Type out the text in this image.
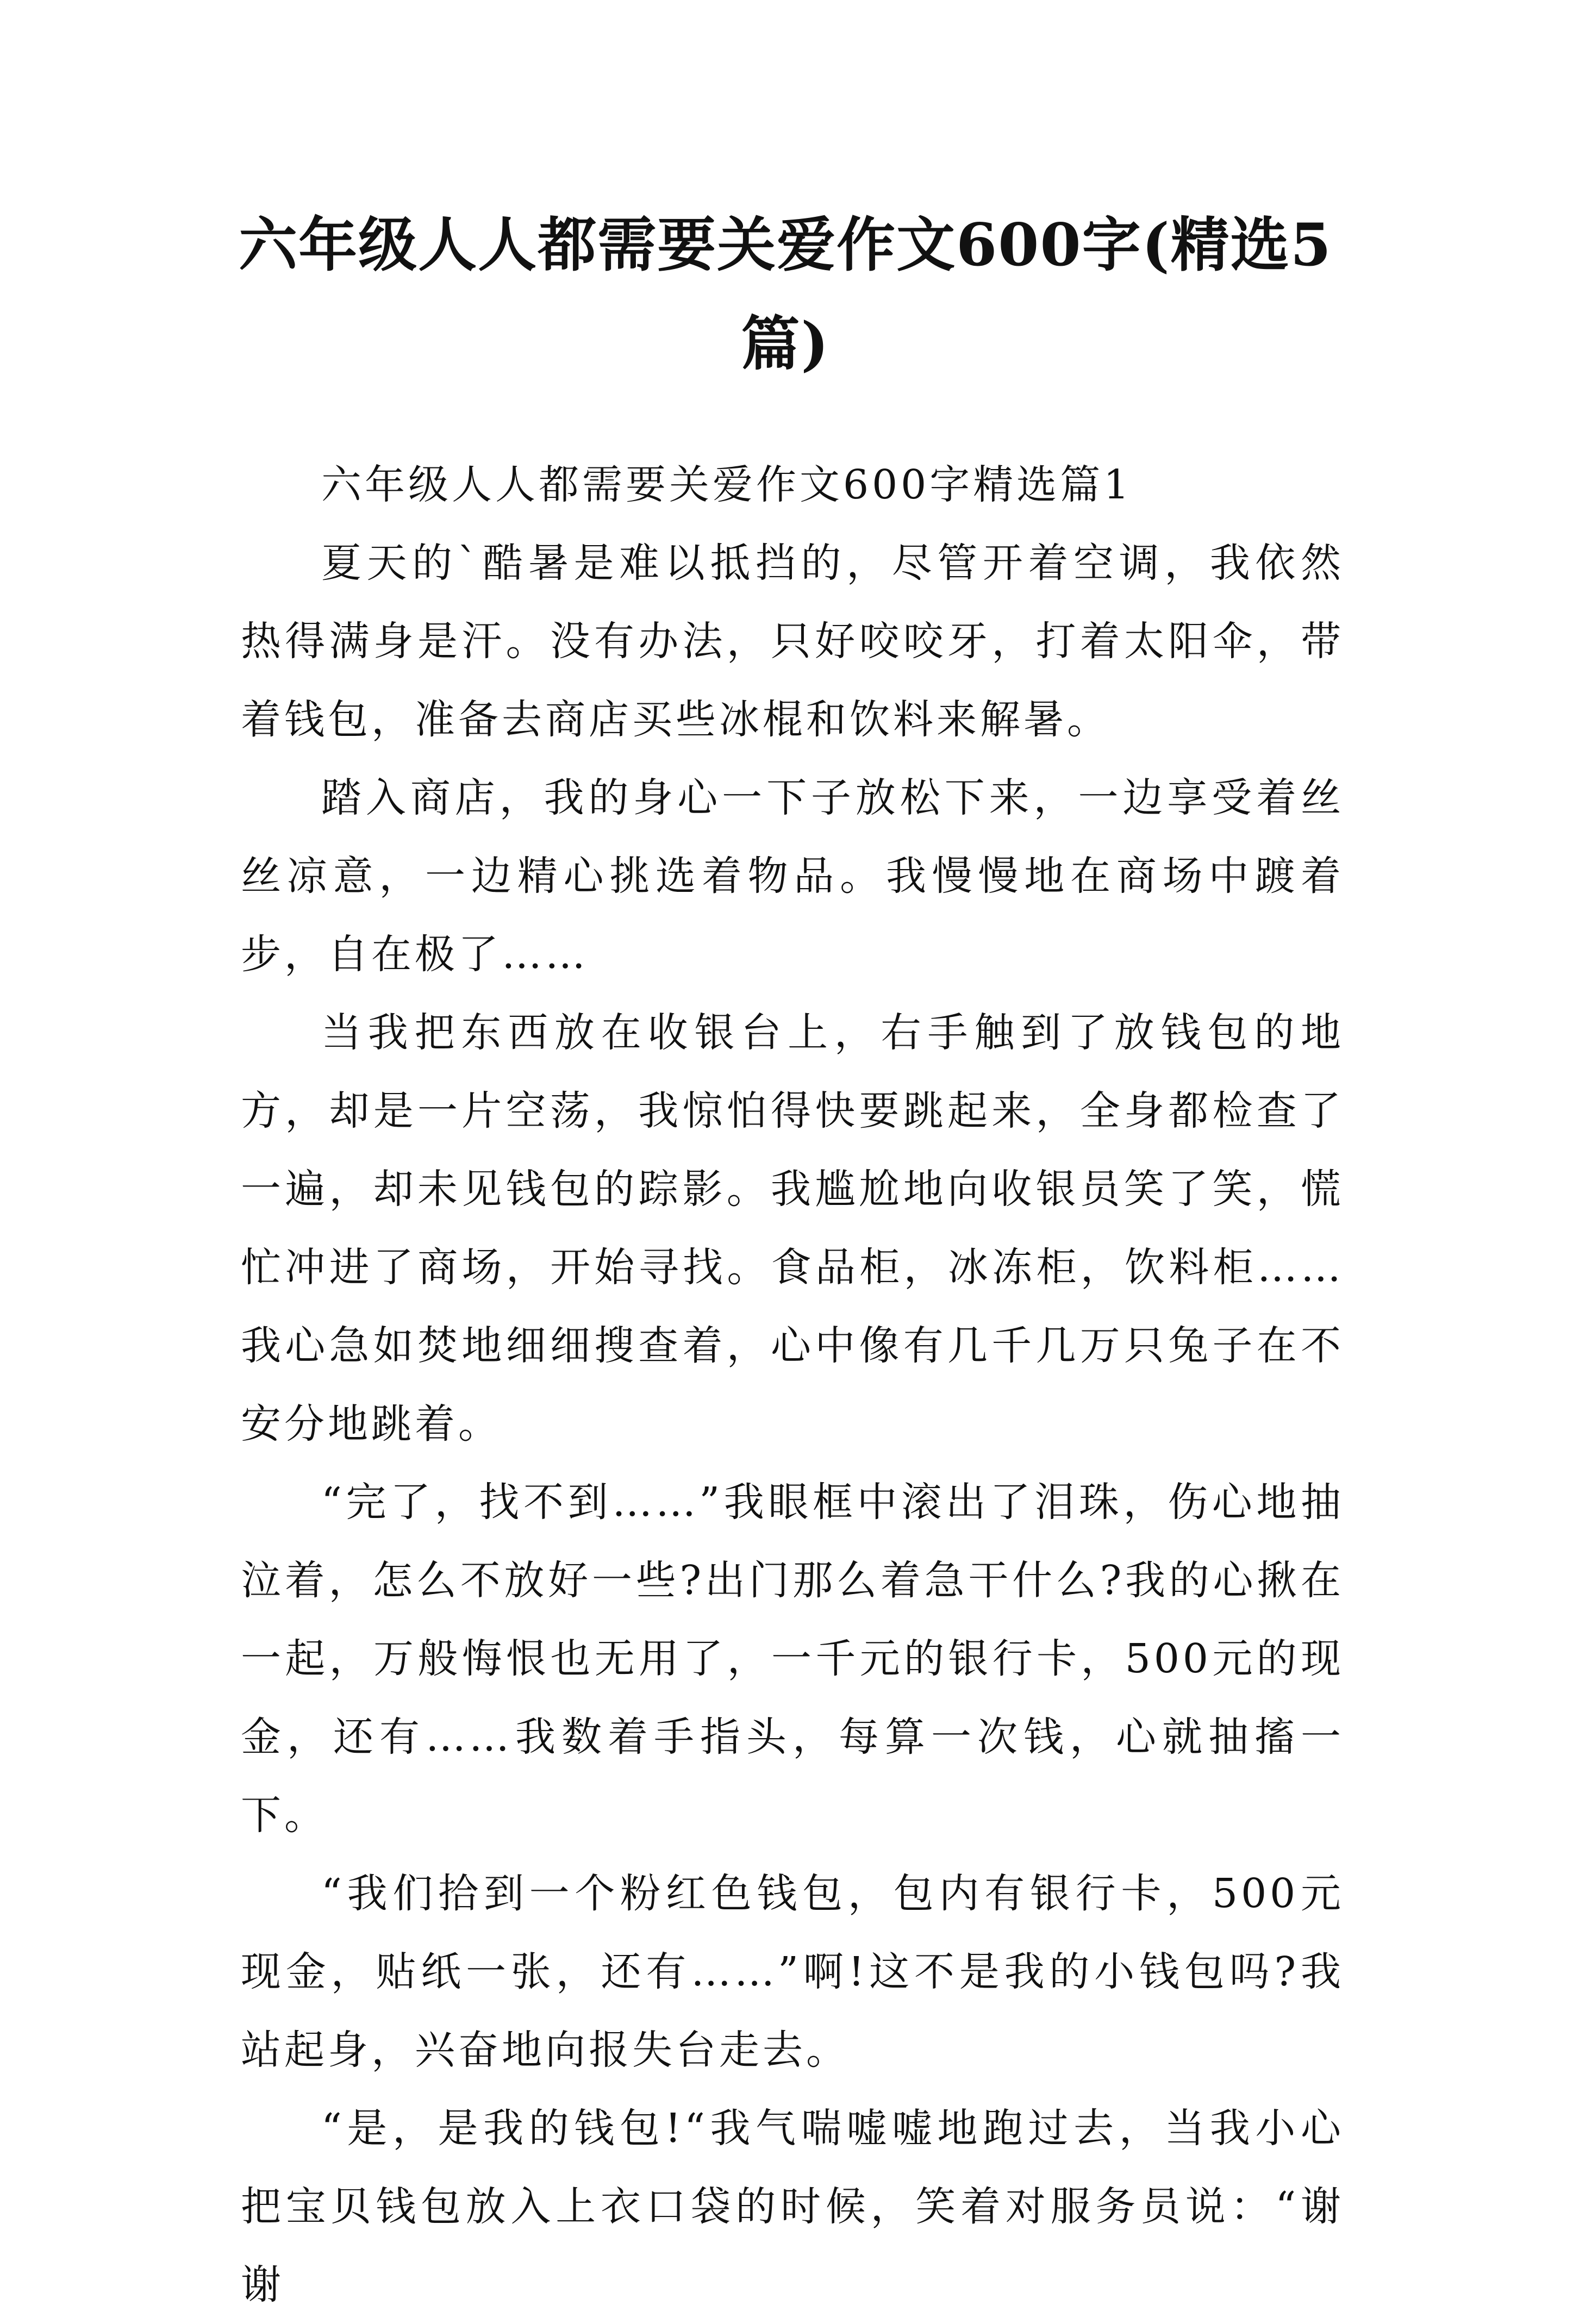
六年级人人都需要关爱作文600字(精选5篇)

六年级人人都需要关爱作文600字精选篇1

夏天的`酷暑是难以抵挡的，尽管开着空调，我依然热得满身是汗。没有办法，只好咬咬牙，打着太阳伞，带着钱包，准备去商店买些冰棍和饮料来解暑。

踏入商店，我的身心一下子放松下来，一边享受着丝丝凉意，一边精心挑选着物品。我慢慢地在商场中踱着步，自在极了……

当我把东西放在收银台上，右手触到了放钱包的地方，却是一片空荡，我惊怕得快要跳起来，全身都检查了一遍，却未见钱包的踪影。我尴尬地向收银员笑了笑，慌忙冲进了商场，开始寻找。食品柜，冰冻柜，饮料柜……我心急如焚地细细搜查着，心中像有几千几万只兔子在不安分地跳着。

“完了，找不到……”我眼框中滚出了泪珠，伤心地抽泣着，怎么不放好一些?出门那么着急干什么?我的心揪在一起，万般悔恨也无用了，一千元的银行卡，500元的现金，还有……我数着手指头，每算一次钱，心就抽搐一下。

“我们拾到一个粉红色钱包，包内有银行卡，500元现金，贴纸一张，还有……”啊!这不是我的小钱包吗?我站起身，兴奋地向报失台走去。

“是，是我的钱包!“我气喘嘘嘘地跑过去，当我小心把宝贝钱包放入上衣口袋的时候，笑着对服务员说：“谢谢
